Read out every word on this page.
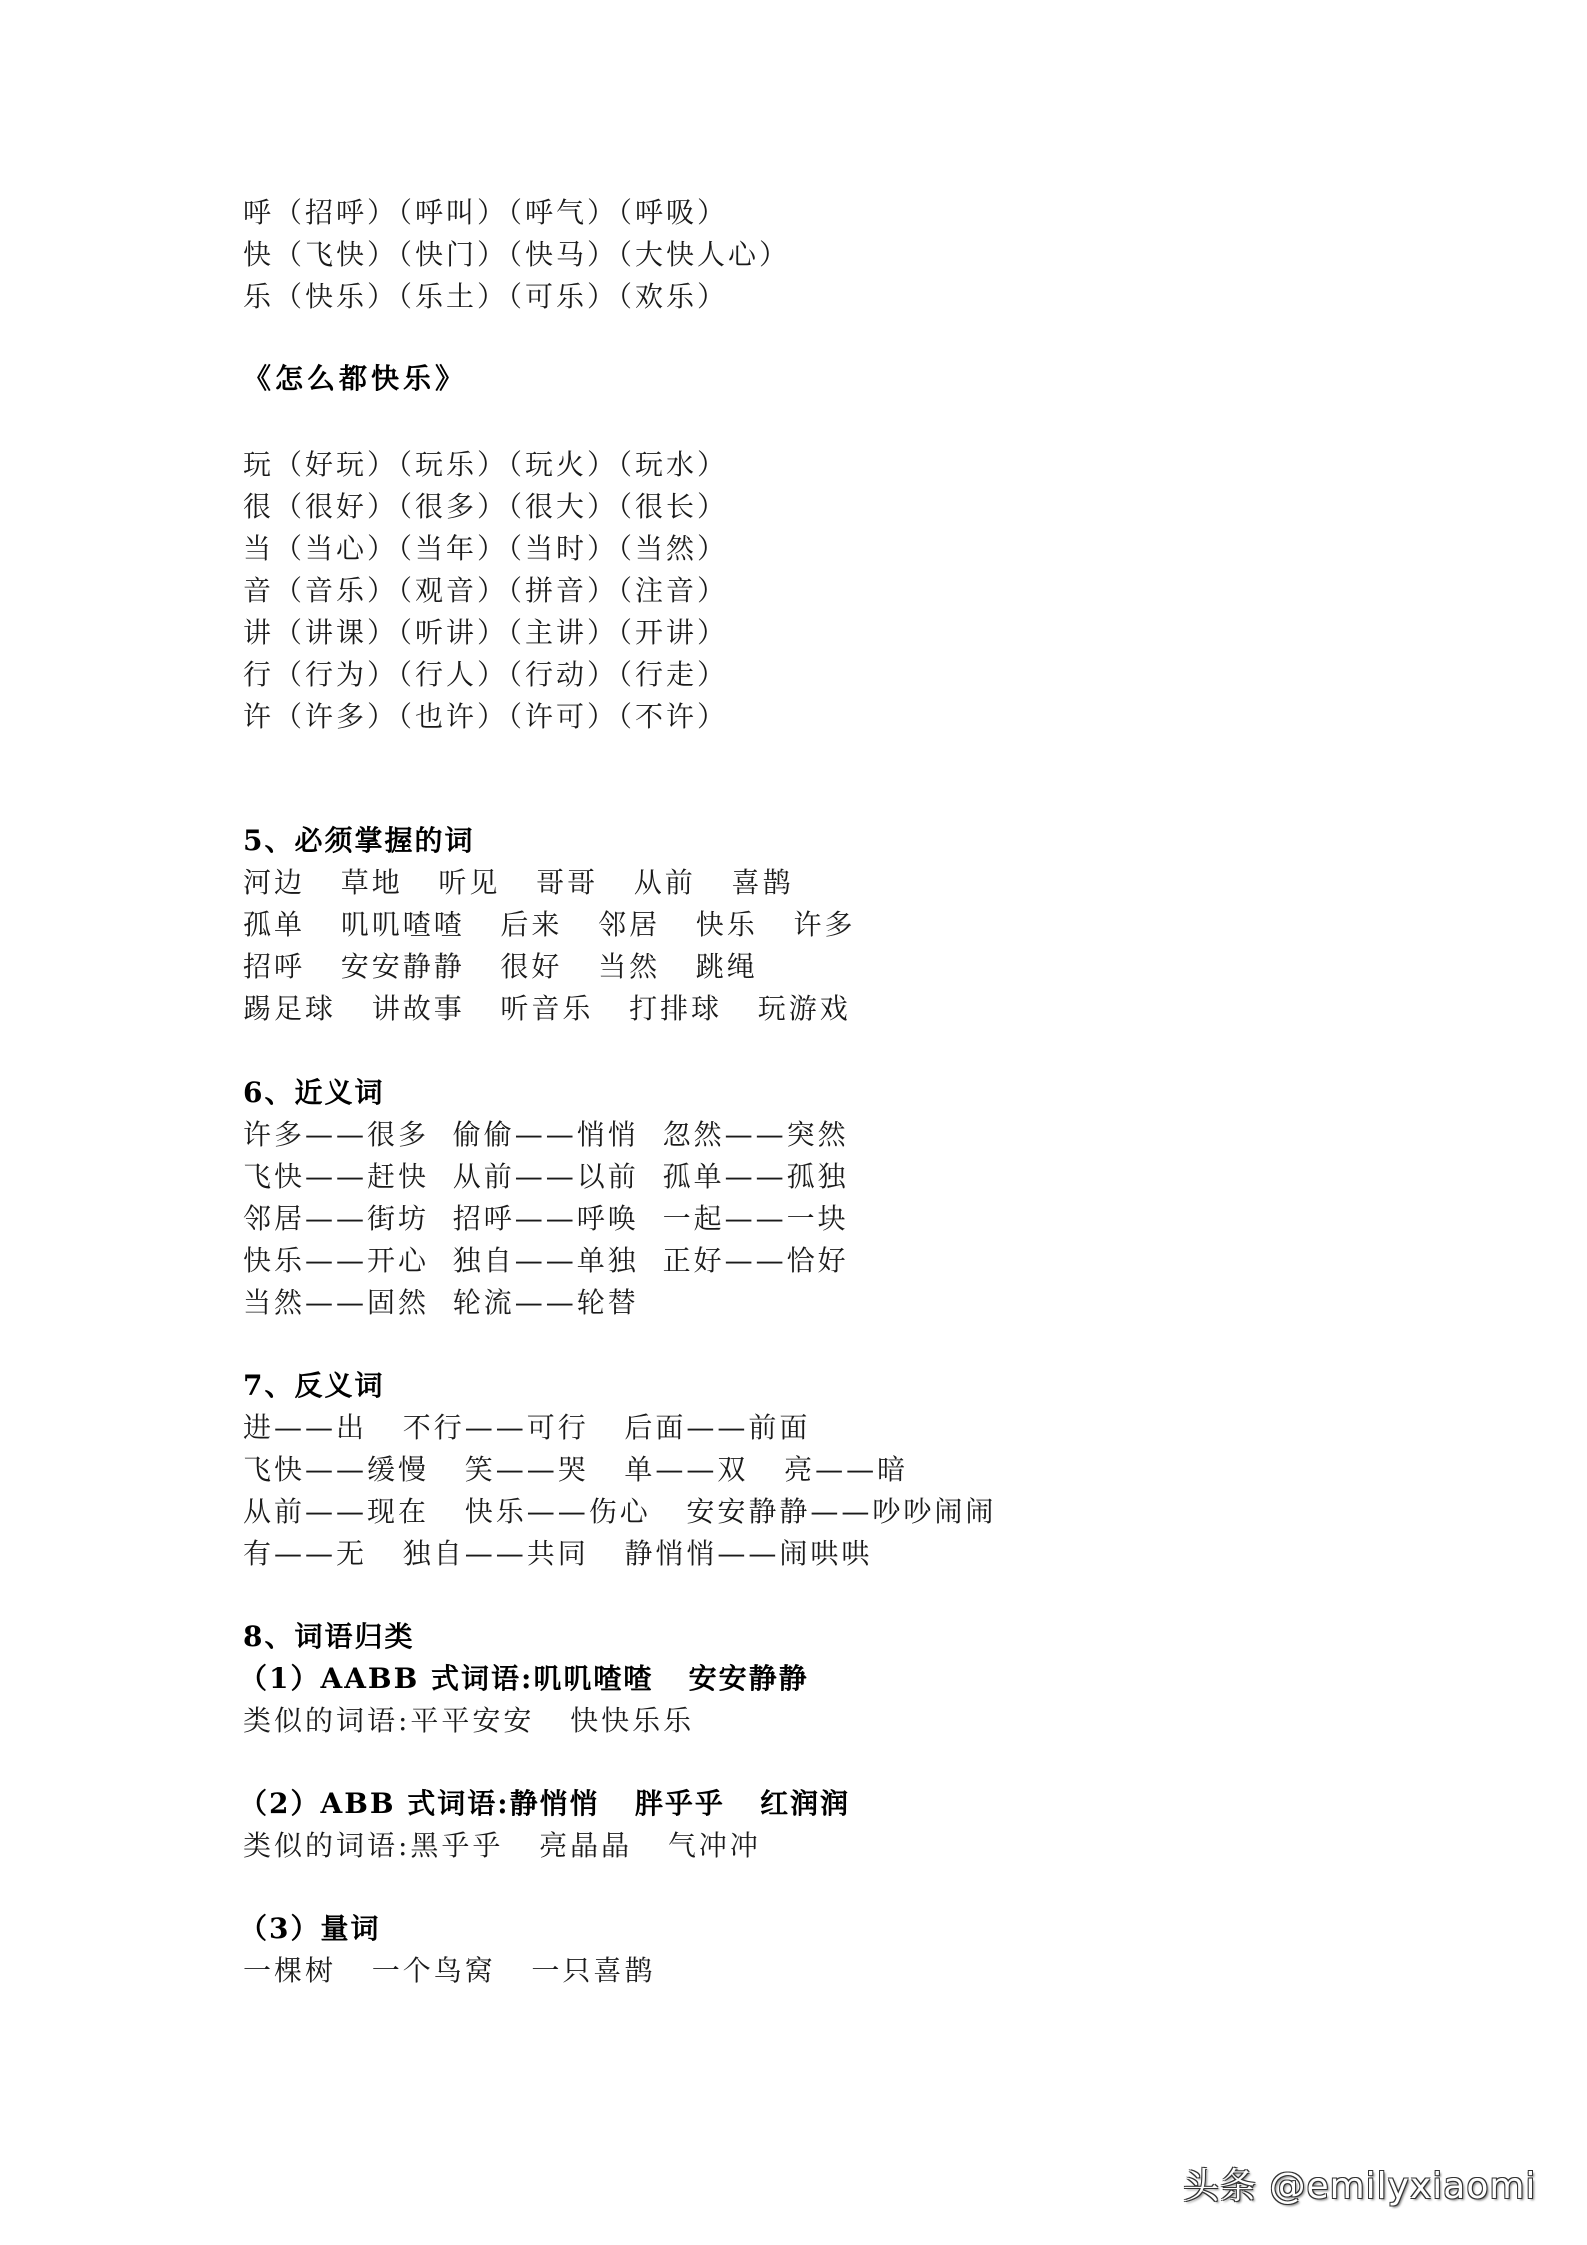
呼（招呼）（呼叫）（呼气）（呼吸）
快（飞快）（快门）（快马）（大快人心）
乐（快乐）（乐土）（可乐）（欢乐）
《怎么都快乐》
玩（好玩）（玩乐）（玩火）（玩水）
很（很好）（很多）（很大）（很长）
当（当心）（当年）（当时）（当然）
音（音乐）（观音）（拼音）（注音）
讲（讲课）（听讲）（主讲）（开讲）
行（行为）（行人）（行动）（行走）
许（许多）（也许）（许可）（不许）
5、必须掌握的词
河边   草地   听见   哥哥   从前   喜鹊
孤单   叽叽喳喳   后来   邻居   快乐   许多
招呼   安安静静   很好   当然   跳绳
踢足球   讲故事   听音乐   打排球   玩游戏
6、近义词
许多——很多  偷偷——悄悄  忽然——突然
飞快——赶快  从前——以前  孤单——孤独
邻居——街坊  招呼——呼唤  一起——一块
快乐——开心  独自——单独  正好——恰好
当然——固然  轮流——轮替
7、反义词
进——出   不行——可行   后面——前面
飞快——缓慢   笑——哭   单——双   亮——暗
从前——现在   快乐——伤心   安安静静——吵吵闹闹
有——无   独自——共同   静悄悄——闹哄哄
8、词语归类
（1）AABB 式词语:叽叽喳喳   安安静静
类似的词语:平平安安   快快乐乐
（2）ABB 式词语:静悄悄   胖乎乎   红润润
类似的词语:黑乎乎   亮晶晶   气冲冲
（3）量词
一棵树   一个鸟窝   一只喜鹊
头条 @emilyxiaomi
